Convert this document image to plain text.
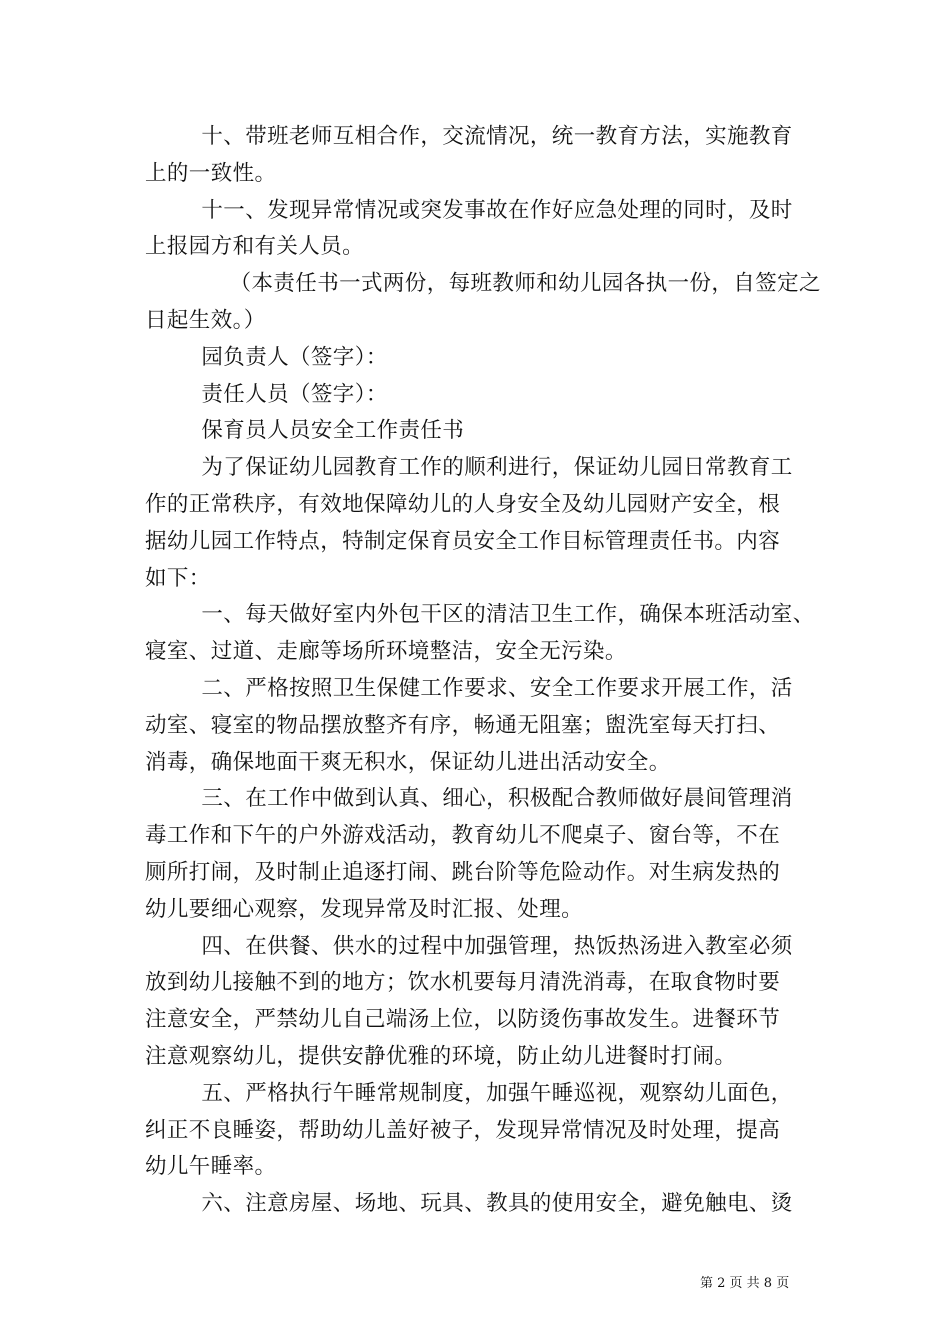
十、带班老师互相合作，交流情况，统一教育方法，实施教育
上的一致性。
十一、发现异常情况或突发事故在作好应急处理的同时，及时
上报园方和有关人员。
（本责任书一式两份，每班教师和幼儿园各执一份，自签定之
日起生效。）
园负责人（签字）：
责任人员（签字）：
保育员人员安全工作责任书
为了保证幼儿园教育工作的顺利进行，保证幼儿园日常教育工
作的正常秩序，有效地保障幼儿的人身安全及幼儿园财产安全，根
据幼儿园工作特点，特制定保育员安全工作目标管理责任书。内容
如下：
一、每天做好室内外包干区的清洁卫生工作，确保本班活动室、
寝室、过道、走廊等场所环境整洁，安全无污染。
二、严格按照卫生保健工作要求、安全工作要求开展工作，活
动室、寝室的物品摆放整齐有序，畅通无阻塞；盥洗室每天打扫、
消毒，确保地面干爽无积水，保证幼儿进出活动安全。
三、在工作中做到认真、细心，积极配合教师做好晨间管理消
毒工作和下午的户外游戏活动，教育幼儿不爬桌子、窗台等，不在
厕所打闹，及时制止追逐打闹、跳台阶等危险动作。对生病发热的
幼儿要细心观察，发现异常及时汇报、处理。
四、在供餐、供水的过程中加强管理，热饭热汤进入教室必须
放到幼儿接触不到的地方；饮水机要每月清洗消毒，在取食物时要
注意安全，严禁幼儿自己端汤上位，以防烫伤事故发生。进餐环节
注意观察幼儿，提供安静优雅的环境，防止幼儿进餐时打闹。
五、严格执行午睡常规制度，加强午睡巡视，观察幼儿面色，
纠正不良睡姿，帮助幼儿盖好被子，发现异常情况及时处理，提高
幼儿午睡率。
六、注意房屋、场地、玩具、教具的使用安全，避免触电、烫
第 2 页 共 8 页
